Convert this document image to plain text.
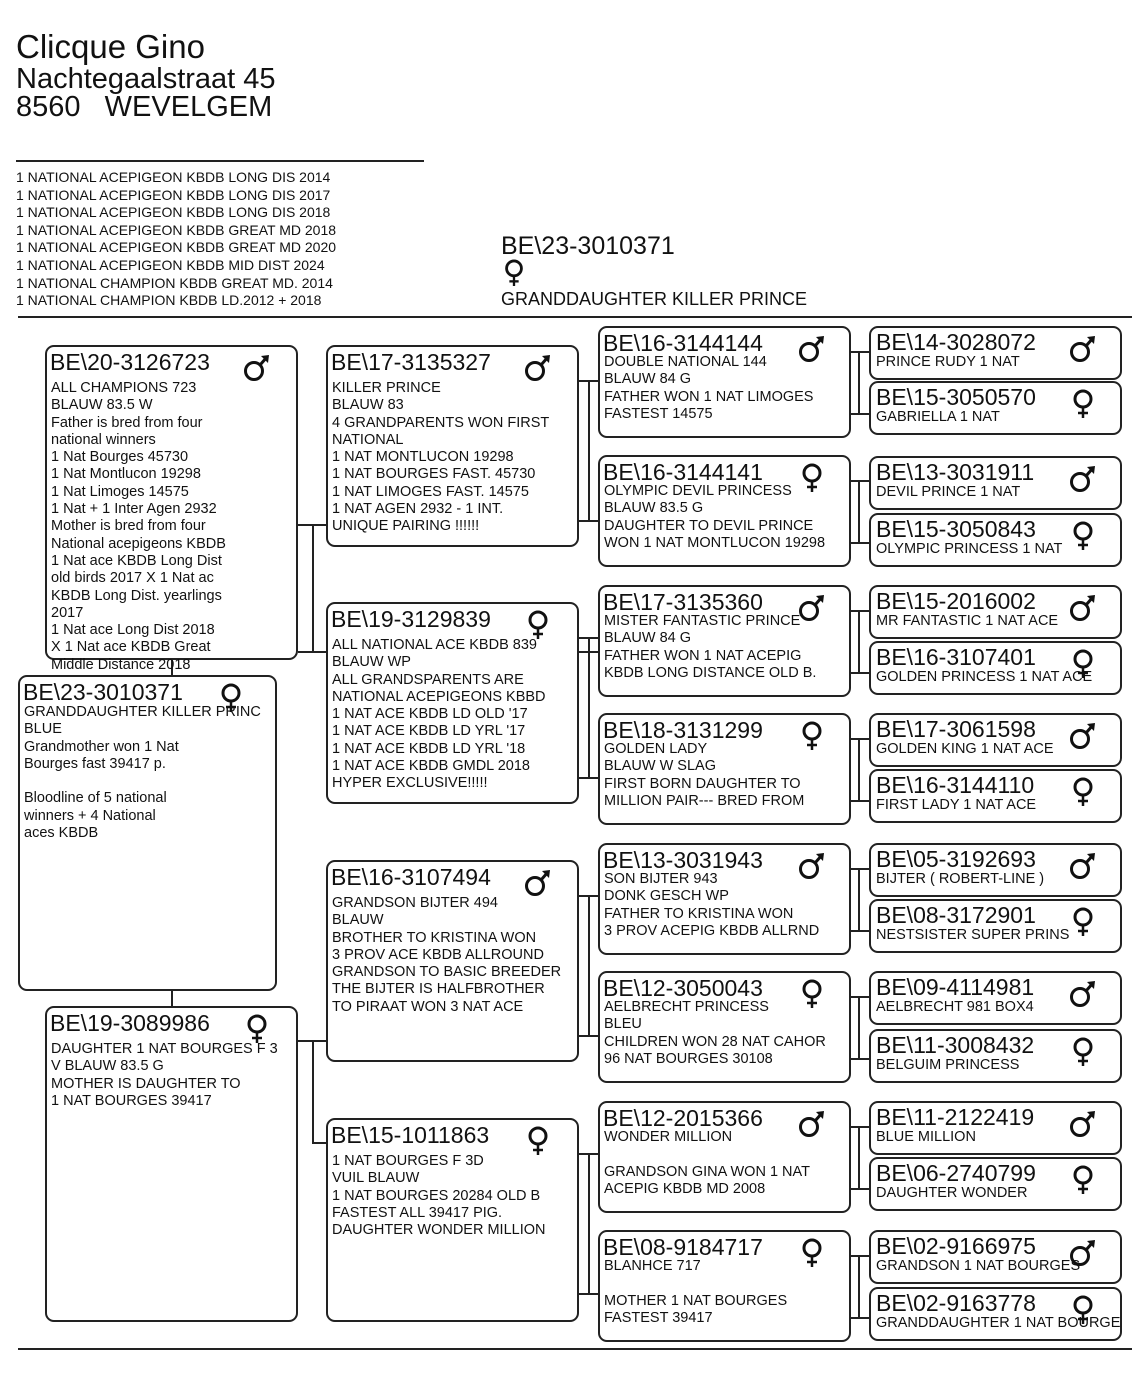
Clicque Gino
Nachtegaalstraat 45
8560   WEVELGEM
1 NATIONAL ACEPIGEON KBDB LONG DIS 2014
1 NATIONAL ACEPIGEON KBDB LONG DIS 2017
1 NATIONAL ACEPIGEON KBDB LONG DIS 2018
1 NATIONAL ACEPIGEON KBDB GREAT MD 2018
1 NATIONAL ACEPIGEON KBDB GREAT MD 2020
1 NATIONAL ACEPIGEON KBDB MID DIST 2024
1 NATIONAL CHAMPION KBDB GREAT MD. 2014
1 NATIONAL CHAMPION KBDB LD.2012 + 2018
BE\23-3010371
GRANDDAUGHTER KILLER PRINCE
BE\23-3010371
GRANDDAUGHTER KILLER PRINC
BLUE
Grandmother won 1 Nat
Bourges fast 39417 p.
Bloodline of 5 national
winners + 4 National
aces KBDB
BE\20-3126723
ALL CHAMPIONS 723
BLAUW 83.5 W
Father is bred from four
national winners
1 Nat Bourges 45730
1 Nat Montlucon 19298
1 Nat Limoges 14575
1 Nat + 1 Inter Agen 2932
Mother is bred from four
National acepigeons KBDB
1 Nat ace KBDB Long Dist
old birds 2017 X 1 Nat ac
KBDB Long Dist. yearlings
2017
1 Nat ace Long Dist 2018
X 1 Nat ace KBDB Great
Middle Distance 2018
BE\19-3089986
DAUGHTER 1 NAT BOURGES F 3
V BLAUW 83.5 G
MOTHER IS DAUGHTER TO
1 NAT BOURGES 39417
BE\17-3135327
KILLER PRINCE
BLAUW 83
4 GRANDPARENTS WON FIRST
NATIONAL
1 NAT MONTLUCON 19298
1 NAT BOURGES FAST. 45730
1 NAT LIMOGES FAST. 14575
1 NAT AGEN 2932 - 1 INT.
UNIQUE PAIRING !!!!!!
BE\19-3129839
ALL NATIONAL ACE KBDB 839
BLAUW WP
ALL GRANDSPARENTS ARE
NATIONAL ACEPIGEONS KBBD
1 NAT ACE KBDB LD OLD '17
1 NAT ACE KBDB LD YRL '17
1 NAT ACE KBDB LD YRL '18
1 NAT ACE KBDB GMDL 2018
HYPER EXCLUSIVE!!!!!
BE\16-3107494
GRANDSON BIJTER 494
BLAUW
BROTHER TO KRISTINA WON
3 PROV ACE KBDB ALLROUND
GRANDSON TO BASIC BREEDER
THE BIJTER IS HALFBROTHER
TO PIRAAT WON 3 NAT ACE
BE\15-1011863
1 NAT BOURGES F 3D
VUIL BLAUW
1 NAT BOURGES 20284 OLD B
FASTEST ALL 39417 PIG.
DAUGHTER WONDER MILLION
BE\16-3144144
DOUBLE NATIONAL 144
BLAUW 84 G
FATHER WON 1 NAT LIMOGES
FASTEST 14575
BE\16-3144141
OLYMPIC DEVIL PRINCESS
BLAUW 83.5 G
DAUGHTER TO DEVIL PRINCE
WON 1 NAT MONTLUCON 19298
BE\17-3135360
MISTER FANTASTIC PRINCE
BLAUW 84 G
FATHER WON 1 NAT ACEPIG
KBDB LONG DISTANCE OLD B.
BE\18-3131299
GOLDEN LADY
BLAUW W SLAG
FIRST BORN DAUGHTER TO
MILLION PAIR--- BRED FROM
BE\13-3031943
SON BIJTER 943
DONK GESCH WP
FATHER TO KRISTINA WON
3 PROV ACEPIG KBDB ALLRND
BE\12-3050043
AELBRECHT PRINCESS
BLEU
CHILDREN WON 28 NAT CAHOR
96 NAT BOURGES 30108
BE\12-2015366
WONDER MILLION
GRANDSON GINA WON 1 NAT
ACEPIG KBDB MD 2008
BE\08-9184717
BLANHCE 717
MOTHER 1 NAT BOURGES
FASTEST 39417
BE\14-3028072
PRINCE RUDY 1 NAT
BE\15-3050570
GABRIELLA 1 NAT
BE\13-3031911
DEVIL PRINCE 1 NAT
BE\15-3050843
OLYMPIC PRINCESS 1 NAT
BE\15-2016002
MR FANTASTIC 1 NAT ACE
BE\16-3107401
GOLDEN PRINCESS 1 NAT ACE
BE\17-3061598
GOLDEN KING 1 NAT ACE
BE\16-3144110
FIRST LADY 1 NAT ACE
BE\05-3192693
BIJTER ( ROBERT-LINE )
BE\08-3172901
NESTSISTER SUPER PRINS
BE\09-4114981
AELBRECHT 981 BOX4
BE\11-3008432
BELGUIM PRINCESS
BE\11-2122419
BLUE MILLION
BE\06-2740799
DAUGHTER WONDER
BE\02-9166975
GRANDSON 1 NAT BOURGES
BE\02-9163778
GRANDDAUGHTER 1 NAT BOURGE
